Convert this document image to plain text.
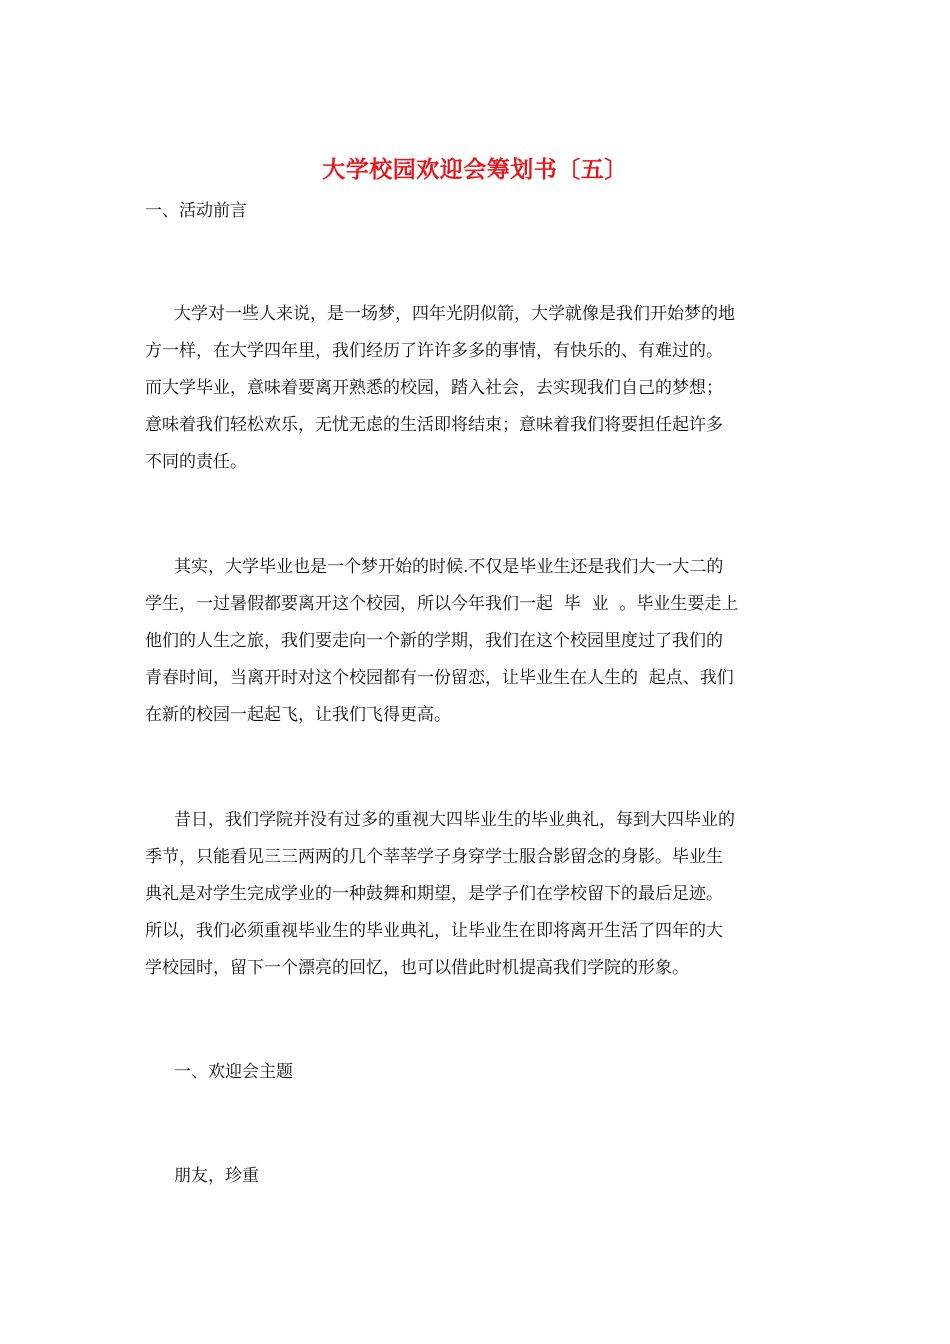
大学校园欢迎会筹划书〔五〕
一、活动前言
大学对一些人来说，是一场梦，四年光阴似箭，大学就像是我们开始梦的地
方一样，在大学四年里，我们经历了许许多多的事情，有快乐的、有难过的。
而大学毕业，意味着要离开熟悉的校园，踏入社会，去实现我们自己的梦想；
意味着我们轻松欢乐，无忧无虑的生活即将结束；意味着我们将要担任起许多
不同的责任。
其实，大学毕业也是一个梦开始的时候.不仅是毕业生还是我们大一大二的
学生，一过暑假都要离开这个校园，所以今年我们一起  毕  业  。毕业生要走上
他们的人生之旅，我们要走向一个新的学期，我们在这个校园里度过了我们的
青春时间，当离开时对这个校园都有一份留恋，让毕业生在人生的  起点、我们
在新的校园一起起飞，让我们飞得更高。
昔日，我们学院并没有过多的重视大四毕业生的毕业典礼，每到大四毕业的
季节，只能看见三三两两的几个莘莘学子身穿学士服合影留念的身影。毕业生
典礼是对学生完成学业的一种鼓舞和期望，是学子们在学校留下的最后足迹。
所以，我们必须重视毕业生的毕业典礼，让毕业生在即将离开生活了四年的大
学校园时，留下一个漂亮的回忆，也可以借此时机提高我们学院的形象。
一、欢迎会主题
朋友，珍重
